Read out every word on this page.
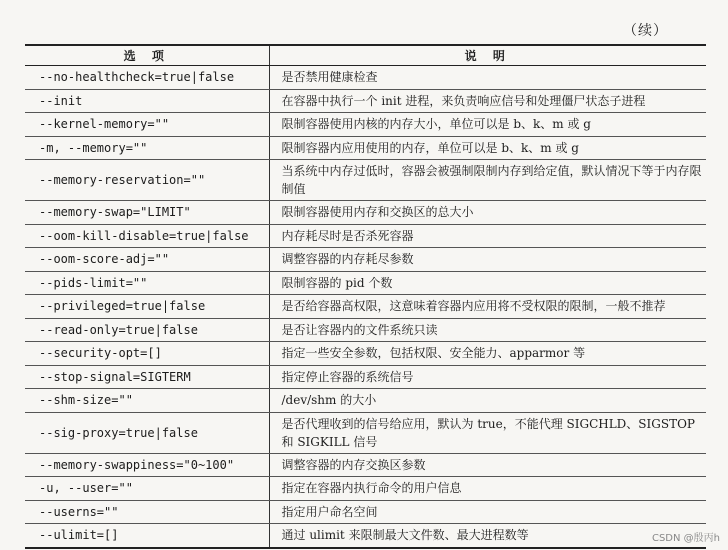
（续）
选 项	说 明
--no-healthcheck=true|false	是否禁用健康检查
--init	在容器中执行一个 init 进程，来负责响应信号和处理僵尸状态子进程
--kernel-memory=""	限制容器使用内核的内存大小，单位可以是 b、k、m 或 g
-m, --memory=""	限制容器内应用使用的内存，单位可以是 b、k、m 或 g
--memory-reservation=""	当系统中内存过低时，容器会被强制限制内存到给定值，默认情况下等于内存限制值
--memory-swap="LIMIT"	限制容器使用内存和交换区的总大小
--oom-kill-disable=true|false	内存耗尽时是否杀死容器
--oom-score-adj=""	调整容器的内存耗尽参数
--pids-limit=""	限制容器的 pid 个数
--privileged=true|false	是否给容器高权限，这意味着容器内应用将不受权限的限制，一般不推荐
--read-only=true|false	是否让容器内的文件系统只读
--security-opt=[]	指定一些安全参数，包括权限、安全能力、apparmor 等
--stop-signal=SIGTERM	指定停止容器的系统信号
--shm-size=""	/dev/shm 的大小
--sig-proxy=true|false	是否代理收到的信号给应用，默认为 true，不能代理 SIGCHLD、SIGSTOP 和 SIGKILL 信号
--memory-swappiness="0~100"	调整容器的内存交换区参数
-u, --user=""	指定在容器内执行命令的用户信息
--userns=""	指定用户命名空间
--ulimit=[]	通过 ulimit 来限制最大文件数、最大进程数等	CSDN @殷丙h
